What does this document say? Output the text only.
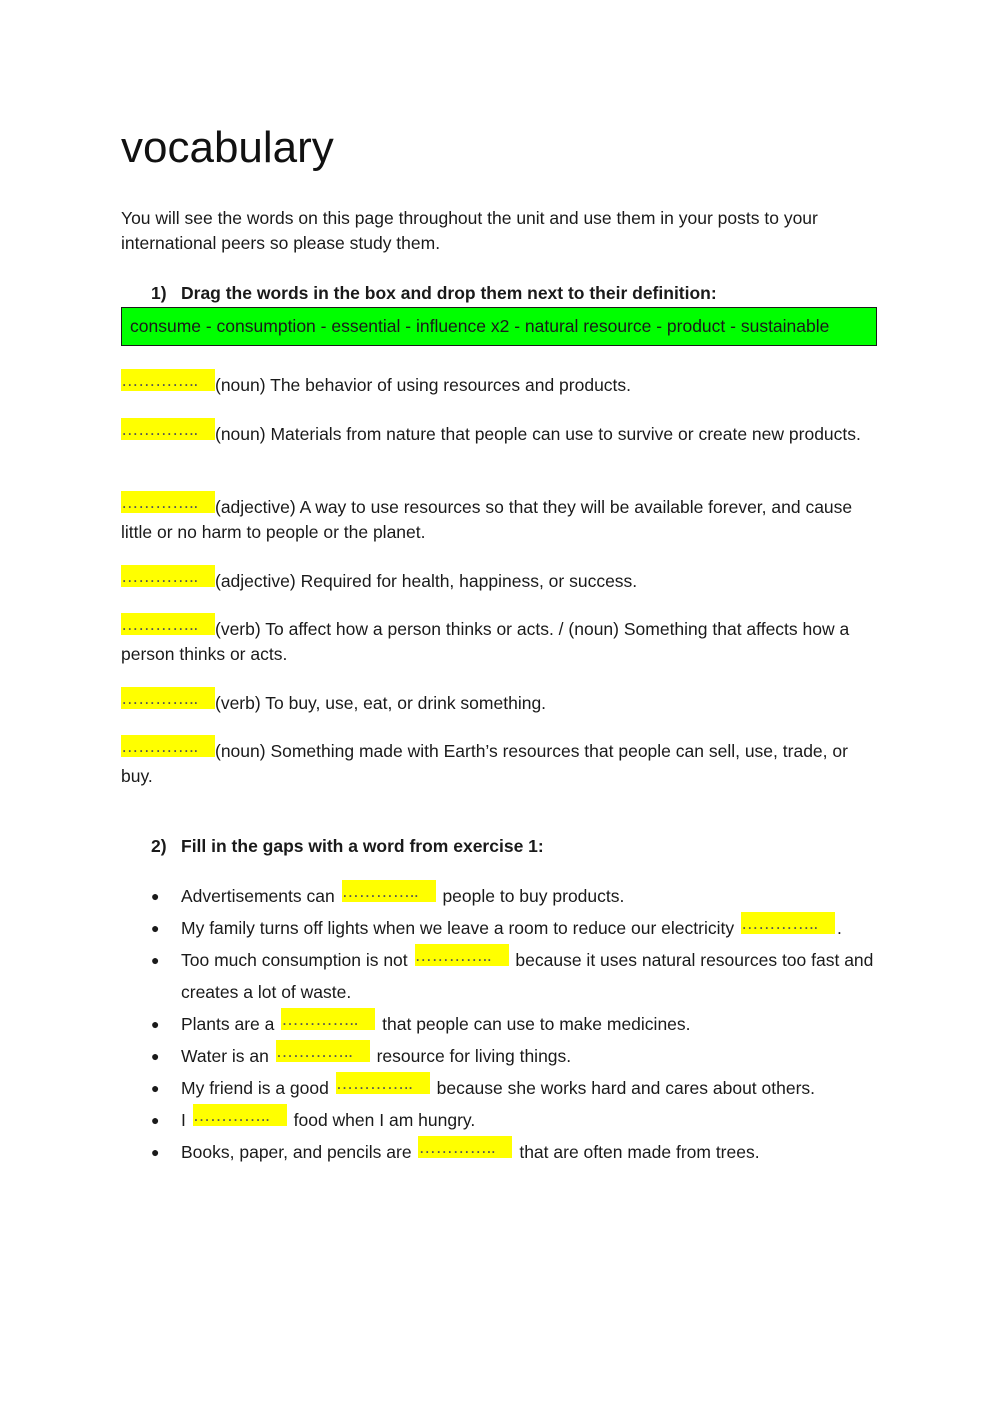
vocabulary

You will see the words on this page throughout the unit and use them in your posts to your international peers so please study them.

1) Drag the words in the box and drop them next to their definition:

consume - consumption - essential - influence x2 - natural resource - product - sustainable

………….. (noun) The behavior of using resources and products.

………….. (noun) Materials from nature that people can use to survive or create new products.

………….. (adjective) A way to use resources so that they will be available forever, and cause little or no harm to people or the planet.

………….. (adjective) Required for health, happiness, or success.

………….. (verb) To affect how a person thinks or acts. / (noun) Something that affects how a person thinks or acts.

………….. (verb) To buy, use, eat, or drink something.

………….. (noun) Something made with Earth’s resources that people can sell, use, trade, or buy.

2) Fill in the gaps with a word from exercise 1:

● Advertisements can ………….. people to buy products.
● My family turns off lights when we leave a room to reduce our electricity ………….. .
● Too much consumption is not ………….. because it uses natural resources too fast and creates a lot of waste.
● Plants are a ………….. that people can use to make medicines.
● Water is an ………….. resource for living things.
● My friend is a good ………….. because she works hard and cares about others.
● I ………….. food when I am hungry.
● Books, paper, and pencils are ………….. that are often made from trees.
